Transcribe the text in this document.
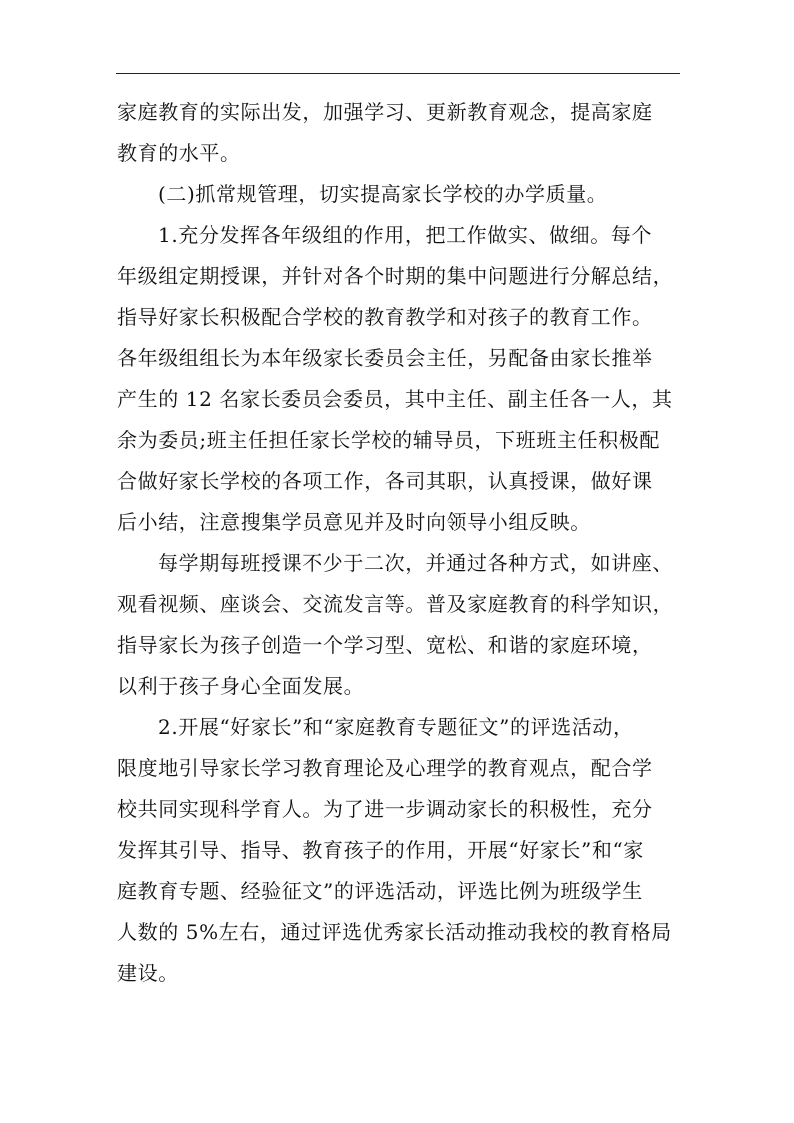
家庭教育的实际出发，加强学习、更新教育观念，提高家庭
教育的水平。
(二)抓常规管理，切实提高家长学校的办学质量。
1.充分发挥各年级组的作用，把工作做实、做细。每个
年级组定期授课，并针对各个时期的集中问题进行分解总结，
指导好家长积极配合学校的教育教学和对孩子的教育工作。
各年级组组长为本年级家长委员会主任，另配备由家长推举
产生的 12 名家长委员会委员，其中主任、副主任各一人，其
余为委员;班主任担任家长学校的辅导员，下班班主任积极配
合做好家长学校的各项工作，各司其职，认真授课，做好课
后小结，注意搜集学员意见并及时向领导小组反映。
每学期每班授课不少于二次，并通过各种方式，如讲座、
观看视频、座谈会、交流发言等。普及家庭教育的科学知识，
指导家长为孩子创造一个学习型、宽松、和谐的家庭环境，
以利于孩子身心全面发展。
2.开展“好家长”和“家庭教育专题征文”的评选活动，
限度地引导家长学习教育理论及心理学的教育观点，配合学
校共同实现科学育人。为了进一步调动家长的积极性，充分
发挥其引导、指导、教育孩子的作用，开展“好家长”和“家
庭教育专题、经验征文”的评选活动，评选比例为班级学生
人数的 5%左右，通过评选优秀家长活动推动我校的教育格局
建设。
